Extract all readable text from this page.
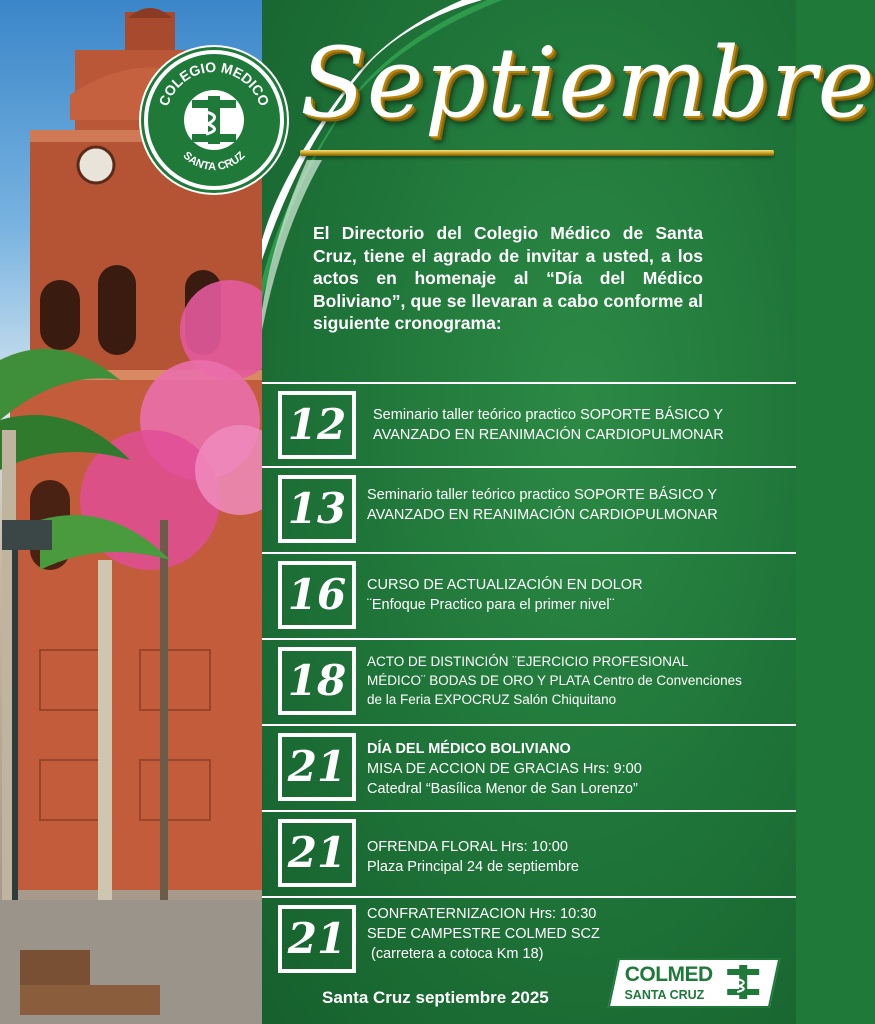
COLEGIO MEDICO
SANTA CRUZ
Septiembre
El Directorio del Colegio Médico de Santa Cruz, tiene el agrado de invitar a usted, a los actos en homenaje al “Día del Médico Boliviano”, que se llevaran a cabo conforme al siguiente cronograma:
12	Seminario taller teórico practico SOPORTE BÁSICO Y
AVANZADO EN REANIMACIÓN CARDIOPULMONAR
13	Seminario taller teórico practico SOPORTE BÁSICO Y
AVANZADO EN REANIMACIÓN CARDIOPULMONAR
16	CURSO DE ACTUALIZACIÓN EN DOLOR
¨Enfoque Practico para el primer nivel¨
18	ACTO DE DISTINCIÓN ¨EJERCICIO PROFESIONAL
MÉDICO¨ BODAS DE ORO Y PLATA Centro de Convenciones
de la Feria EXPOCRUZ Salón Chiquitano
21	DÍA DEL MÉDICO BOLIVIANO
MISA DE ACCION DE GRACIAS Hrs: 9:00
Catedral “Basílica Menor de San Lorenzo”
21	OFRENDA FLORAL Hrs: 10:00
Plaza Principal 24 de septiembre
21	CONFRATERNIZACION Hrs: 10:30
SEDE CAMPESTRE COLMED SCZ
(carretera a cotoca Km 18)
Santa Cruz septiembre 2025
COLMED
SANTA CRUZ
